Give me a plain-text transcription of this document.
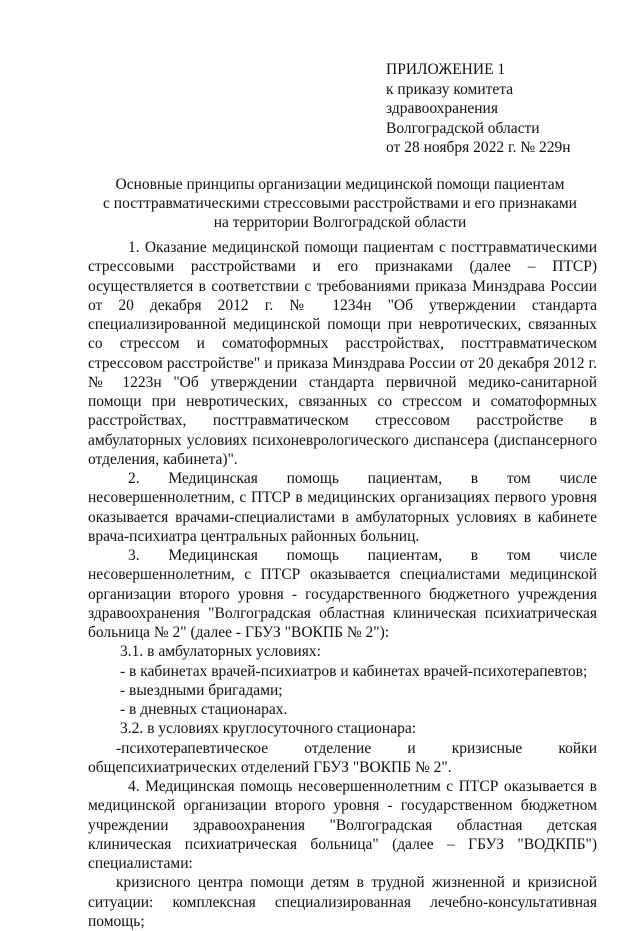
ПРИЛОЖЕНИЕ 1
к приказу комитета
здравоохранения
Волгоградской области
от 28 ноября 2022 г. № 229н
Основные принципы организации медицинской помощи пациентам
с посттравматическими стрессовыми расстройствами и его признаками
на территории Волгоградской области

1. Оказание медицинской помощи пациентам с посттравматическими стрессовыми расстройствами и его признаками (далее – ПТСР) осуществляется в соответствии с требованиями приказа Минздрава России от 20 декабря 2012 г. № 1234н "Об утверждении стандарта специализированной медицинской помощи при невротических, связанных со стрессом и соматоформных расстройствах, посттравматическом стрессовом расстройстве" и приказа Минздрава России от 20 декабря 2012 г. № 1223н "Об утверждении стандарта первичной медико-санитарной помощи при невротических, связанных со стрессом и соматоформных расстройствах, посттравматическом стрессовом расстройстве в амбулаторных условиях психоневрологического диспансера (диспансерного отделения, кабинета)".

2. Медицинская помощь пациентам, в том числе несовершеннолетним, с ПТСР в медицинских организациях первого уровня оказывается врачами-специалистами в амбулаторных условиях в кабинете врача-психиатра центральных районных больниц.

3. Медицинская помощь пациентам, в том числе несовершеннолетним, с ПТСР оказывается специалистами медицинской организации второго уровня - государственного бюджетного учреждения здравоохранения "Волгоградская областная клиническая психиатрическая больница № 2" (далее - ГБУЗ "ВОКПБ № 2"):

3.1. в амбулаторных условиях:

- в кабинетах врачей-психиатров и кабинетах врачей-психотерапевтов;

- выездными бригадами;

- в дневных стационарах.

3.2. в условиях круглосуточного стационара:

-психотерапевтическое отделение и кризисные койки общепсихиатрических отделений ГБУЗ "ВОКПБ № 2".

4. Медицинская помощь несовершеннолетним с ПТСР оказывается в медицинской организации второго уровня - государственном бюджетном учреждении здравоохранения "Волгоградская областная детская клиническая психиатрическая больница" (далее – ГБУЗ "ВОДКПБ") специалистами:

кризисного центра помощи детям в трудной жизненной и кризисной ситуации: комплексная специализированная лечебно-консультативная помощь;
